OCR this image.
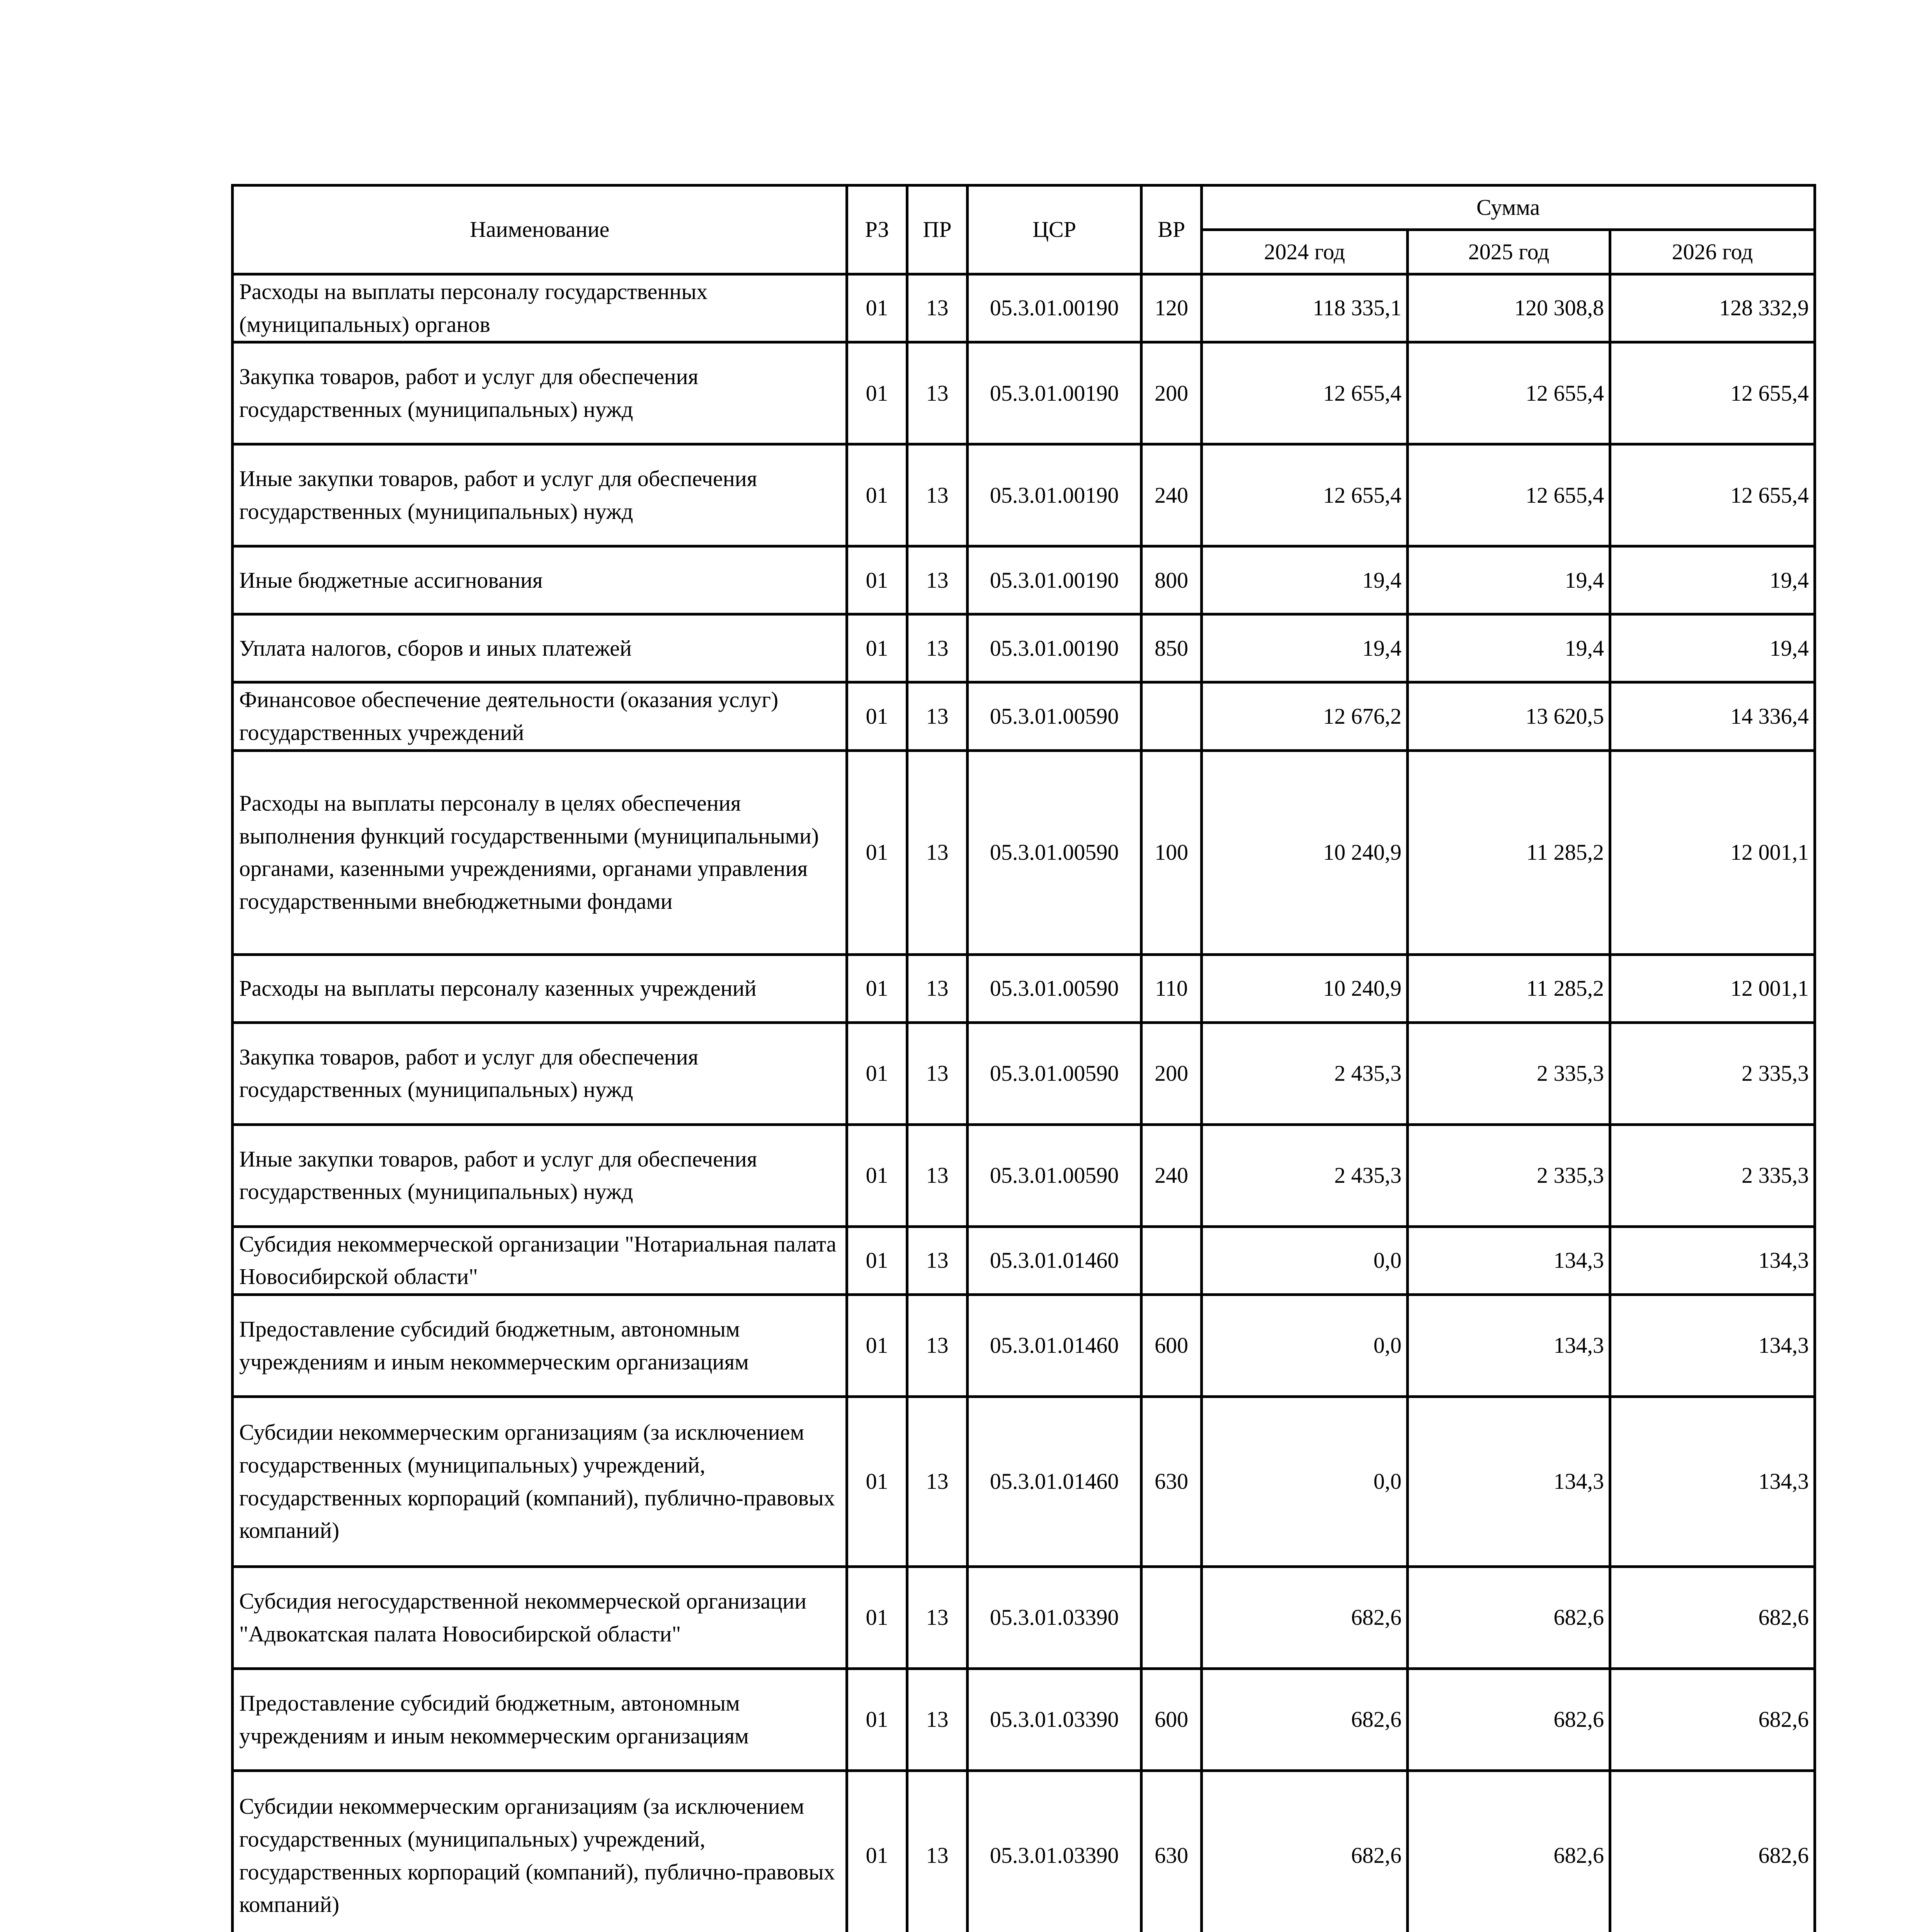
Наименование	РЗ	ПР	ЦСР	ВР	Сумма		
					2024 год	2025 год	2026 год
Расходы на выплаты персоналу государственных (муниципальных) органов	01	13	05.3.01.00190	120	118 335,1	120 308,8	128 332,9
Закупка товаров, работ и услуг для обеспечения государственных (муниципальных) нужд	01	13	05.3.01.00190	200	12 655,4	12 655,4	12 655,4
Иные закупки товаров, работ и услуг для обеспечения государственных (муниципальных) нужд	01	13	05.3.01.00190	240	12 655,4	12 655,4	12 655,4
Иные бюджетные ассигнования	01	13	05.3.01.00190	800	19,4	19,4	19,4
Уплата налогов, сборов и иных платежей	01	13	05.3.01.00190	850	19,4	19,4	19,4
Финансовое обеспечение деятельности (оказания услуг) государственных учреждений	01	13	05.3.01.00590		12 676,2	13 620,5	14 336,4
Расходы на выплаты персоналу в целях обеспечения выполнения функций государственными (муниципальными) органами, казенными учреждениями, органами управления государственными внебюджетными фондами	01	13	05.3.01.00590	100	10 240,9	11 285,2	12 001,1
Расходы на выплаты персоналу казенных учреждений	01	13	05.3.01.00590	110	10 240,9	11 285,2	12 001,1
Закупка товаров, работ и услуг для обеспечения государственных (муниципальных) нужд	01	13	05.3.01.00590	200	2 435,3	2 335,3	2 335,3
Иные закупки товаров, работ и услуг для обеспечения государственных (муниципальных) нужд	01	13	05.3.01.00590	240	2 435,3	2 335,3	2 335,3
Субсидия некоммерческой организации "Нотариальная палата Новосибирской области"	01	13	05.3.01.01460		0,0	134,3	134,3
Предоставление субсидий бюджетным, автономным учреждениям и иным некоммерческим организациям	01	13	05.3.01.01460	600	0,0	134,3	134,3
Субсидии некоммерческим организациям (за исключением государственных (муниципальных) учреждений, государственных корпораций (компаний), публично-правовых компаний)	01	13	05.3.01.01460	630	0,0	134,3	134,3
Субсидия негосударственной некоммерческой организации "Адвокатская палата Новосибирской области"	01	13	05.3.01.03390		682,6	682,6	682,6
Предоставление субсидий бюджетным, автономным учреждениям и иным некоммерческим организациям	01	13	05.3.01.03390	600	682,6	682,6	682,6
Субсидии некоммерческим организациям (за исключением государственных (муниципальных) учреждений, государственных корпораций (компаний), публично-правовых компаний)	01	13	05.3.01.03390	630	682,6	682,6	682,6
